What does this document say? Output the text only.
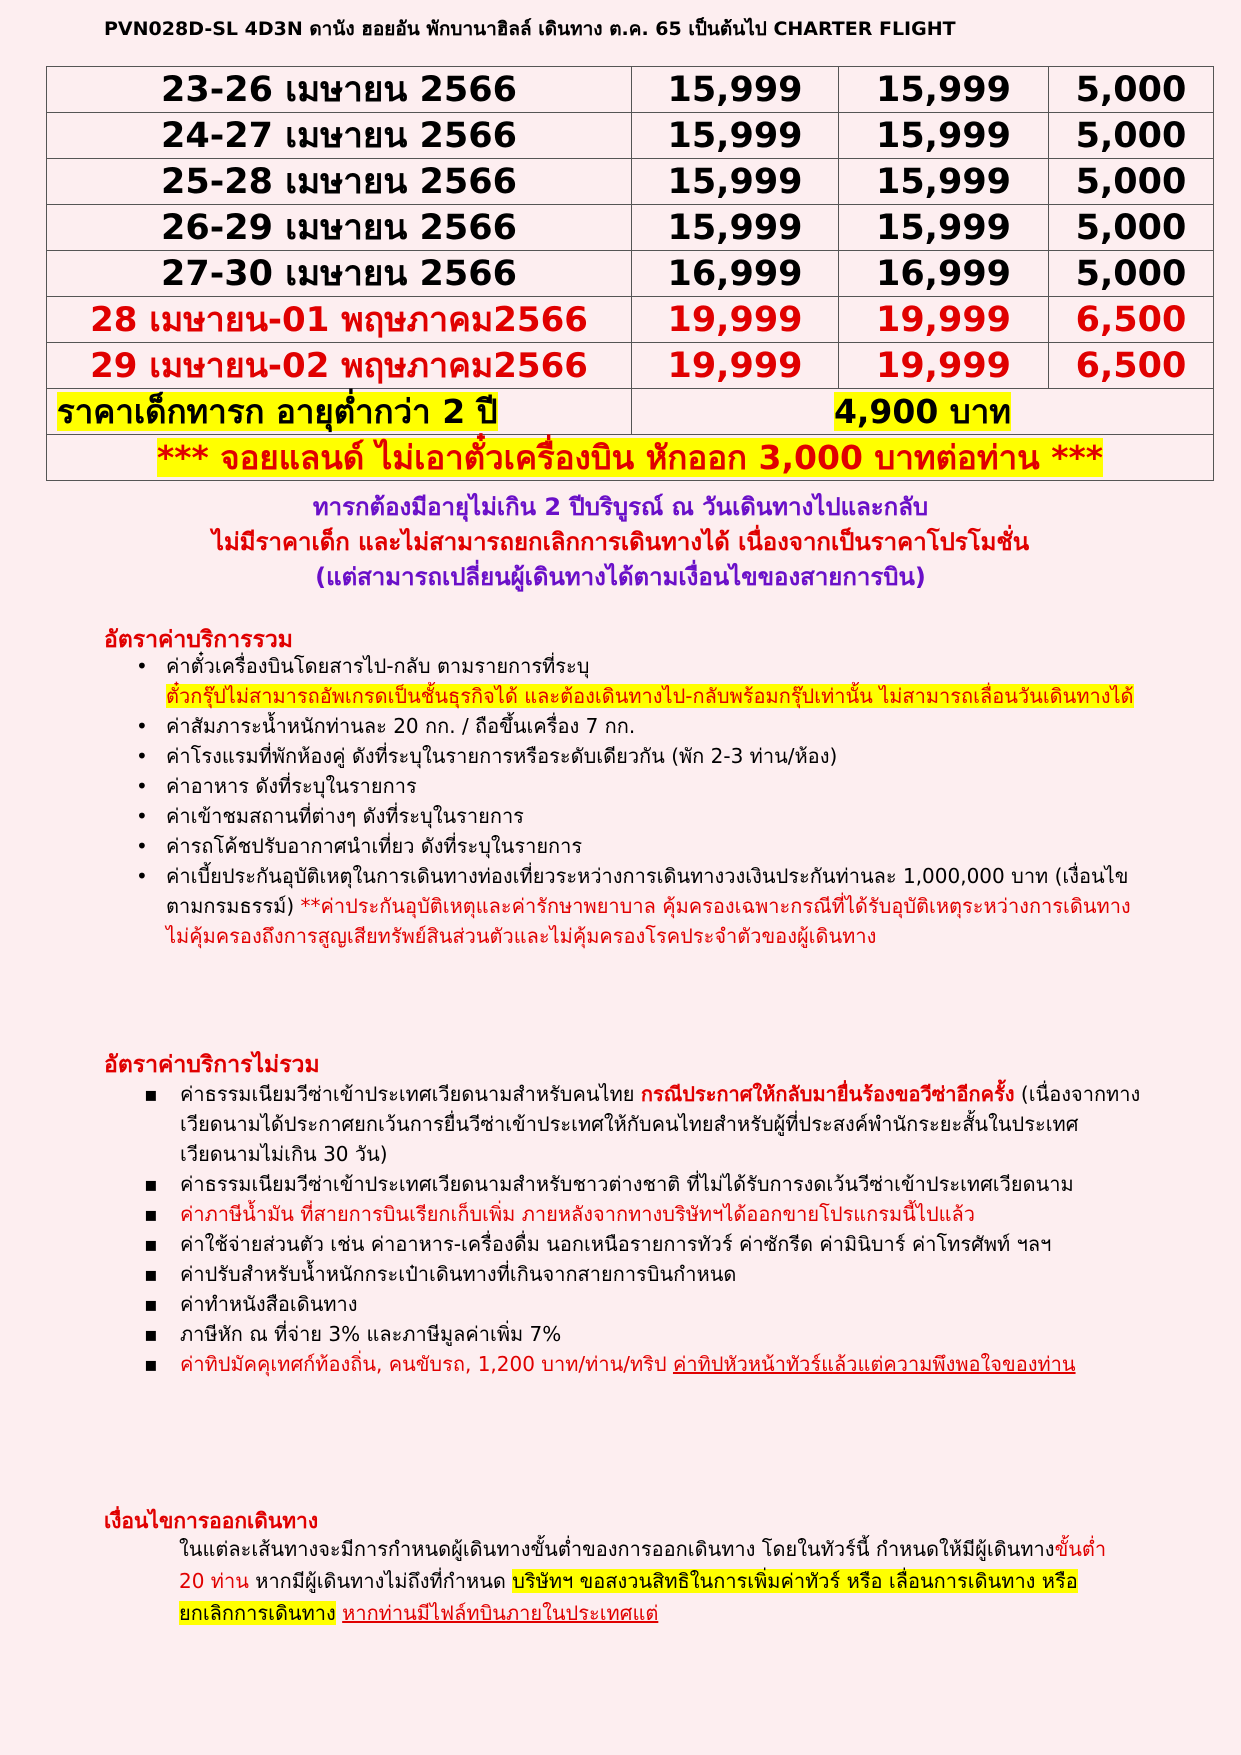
PVN028D-SL 4D3N ดานัง ฮอยอัน พักบานาฮิลล์ เดินทาง ต.ค. 65 เป็นต้นไป CHARTER FLIGHT
23-26 เมษายน 2566	15,999	15,999	5,000
24-27 เมษายน 2566	15,999	15,999	5,000
25-28 เมษายน 2566	15,999	15,999	5,000
26-29 เมษายน 2566	15,999	15,999	5,000
27-30 เมษายน 2566	16,999	16,999	5,000
28 เมษายน-01 พฤษภาคม2566	19,999	19,999	6,500
29 เมษายน-02 พฤษภาคม2566	19,999	19,999	6,500
ราคาเด็กทารก อายุต่ำกว่า 2 ปี	4,900 บาท		
*** จอยแลนด์ ไม่เอาตั๋วเครื่องบิน หักออก 3,000 บาทต่อท่าน ***			
ทารกต้องมีอายุไม่เกิน 2 ปีบริบูรณ์ ณ วันเดินทางไปและกลับ
ไม่มีราคาเด็ก และไม่สามารถยกเลิกการเดินทางได้ เนื่องจากเป็นราคาโปรโมชั่น
(แต่สามารถเปลี่ยนผู้เดินทางได้ตามเงื่อนไขของสายการบิน)
อัตราค่าบริการรวม
• ค่าตั๋วเครื่องบินโดยสารไป-กลับ ตามรายการที่ระบุ
ตั๋วกรุ๊ปไม่สามารถอัพเกรดเป็นชั้นธุรกิจได้ และต้องเดินทางไป-กลับพร้อมกรุ๊ปเท่านั้น ไม่สามารถเลื่อนวันเดินทางได้
• ค่าสัมภาระน้ำหนักท่านละ 20 กก. / ถือขึ้นเครื่อง 7 กก.
• ค่าโรงแรมที่พักห้องคู่ ดังที่ระบุในรายการหรือระดับเดียวกัน (พัก 2-3 ท่าน/ห้อง)
• ค่าอาหาร ดังที่ระบุในรายการ
• ค่าเข้าชมสถานที่ต่างๆ ดังที่ระบุในรายการ
• ค่ารถโค้ชปรับอากาศนำเที่ยว ดังที่ระบุในรายการ
• ค่าเบี้ยประกันอุบัติเหตุในการเดินทางท่องเที่ยวระหว่างการเดินทางวงเงินประกันท่านละ 1,000,000 บาท (เงื่อนไขตามกรมธรรม์) **ค่าประกันอุบัติเหตุและค่ารักษาพยาบาล คุ้มครองเฉพาะกรณีที่ได้รับอุบัติเหตุระหว่างการเดินทาง ไม่คุ้มครองถึงการสูญเสียทรัพย์สินส่วนตัวและไม่คุ้มครองโรคประจำตัวของผู้เดินทาง
อัตราค่าบริการไม่รวม
▪ ค่าธรรมเนียมวีซ่าเข้าประเทศเวียดนามสำหรับคนไทย กรณีประกาศให้กลับมายื่นร้องขอวีซ่าอีกครั้ง (เนื่องจากทางเวียดนามได้ประกาศยกเว้นการยื่นวีซ่าเข้าประเทศให้กับคนไทยสำหรับผู้ที่ประสงค์พำนักระยะสั้นในประเทศเวียดนามไม่เกิน 30 วัน)
▪ ค่าธรรมเนียมวีซ่าเข้าประเทศเวียดนามสำหรับชาวต่างชาติ ที่ไม่ได้รับการงดเว้นวีซ่าเข้าประเทศเวียดนาม
▪ ค่าภาษีน้ำมัน ที่สายการบินเรียกเก็บเพิ่ม ภายหลังจากทางบริษัทฯได้ออกขายโปรแกรมนี้ไปแล้ว
▪ ค่าใช้จ่ายส่วนตัว เช่น ค่าอาหาร-เครื่องดื่ม นอกเหนือรายการทัวร์ ค่าซักรีด ค่ามินิบาร์ ค่าโทรศัพท์ ฯลฯ
▪ ค่าปรับสำหรับน้ำหนักกระเป๋าเดินทางที่เกินจากสายการบินกำหนด
▪ ค่าทำหนังสือเดินทาง
▪ ภาษีหัก ณ ที่จ่าย 3% และภาษีมูลค่าเพิ่ม 7%
▪ ค่าทิปมัคคุเทศก์ท้องถิ่น, คนขับรถ, 1,200 บาท/ท่าน/ทริป ค่าทิปหัวหน้าทัวร์แล้วแต่ความพึงพอใจของท่าน
เงื่อนไขการออกเดินทาง
ในแต่ละเส้นทางจะมีการกำหนดผู้เดินทางขั้นต่ำของการออกเดินทาง โดยในทัวร์นี้ กำหนดให้มีผู้เดินทางขั้นต่ำ 20 ท่าน หากมีผู้เดินทางไม่ถึงที่กำหนด บริษัทฯ ขอสงวนสิทธิในการเพิ่มค่าทัวร์ หรือ เลื่อนการเดินทาง หรือ ยกเลิกการเดินทาง หากท่านมีไฟล์ทบินภายในประเทศแต่
